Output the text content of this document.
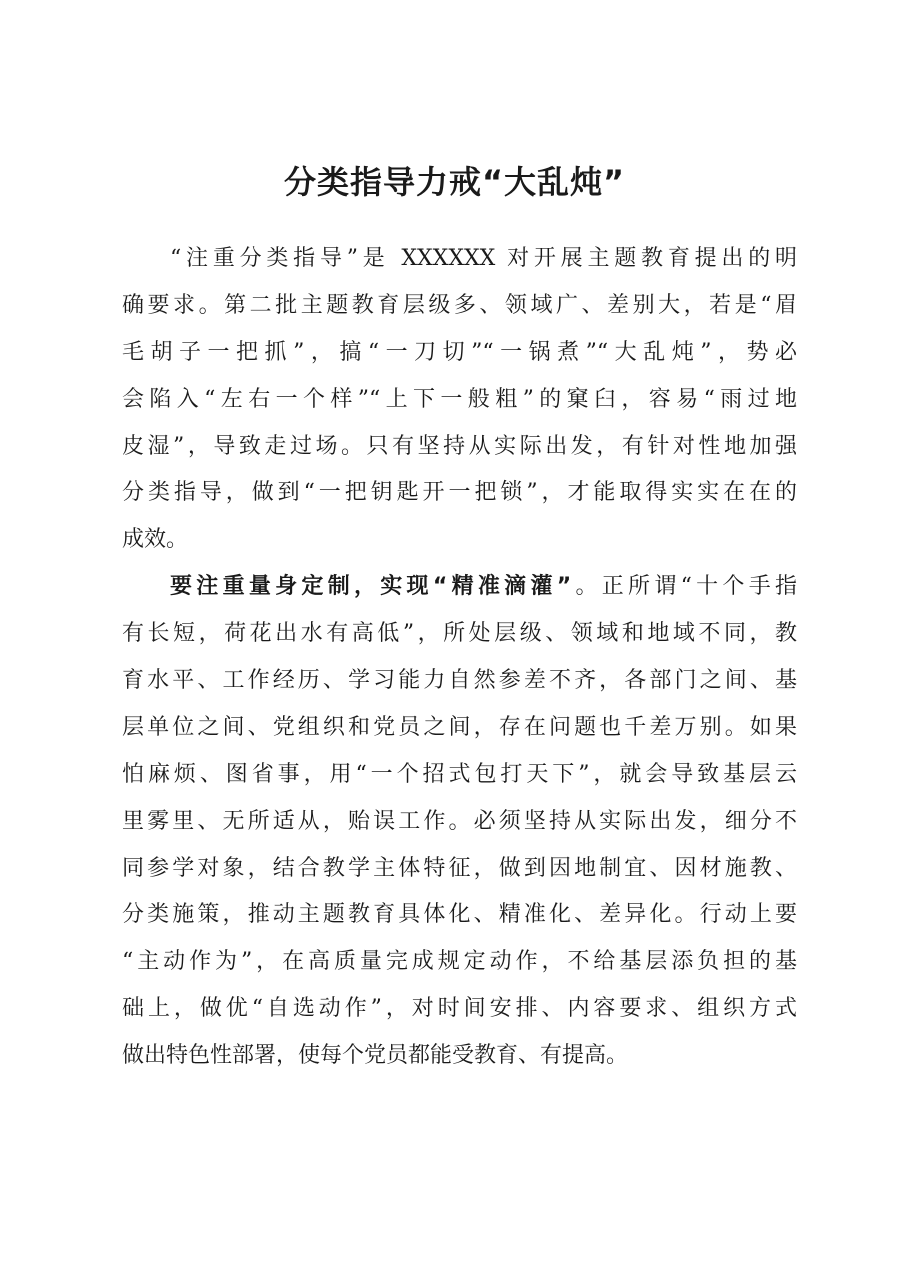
分类指导力戒“大乱炖”
“注重分类指导”是 XXXXXX 对开展主题教育提出的明
确要求。第二批主题教育层级多、领域广、差别大，若是“眉
毛胡子一把抓”，搞“一刀切”“一锅煮”“大乱炖”，势必
会陷入“左右一个样”“上下一般粗”的窠臼，容易“雨过地
皮湿”，导致走过场。只有坚持从实际出发，有针对性地加强
分类指导，做到“一把钥匙开一把锁”，才能取得实实在在的
成效。
要注重量身定制，实现“精准滴灌”。正所谓“十个手指
有长短，荷花出水有高低”，所处层级、领域和地域不同，教
育水平、工作经历、学习能力自然参差不齐，各部门之间、基
层单位之间、党组织和党员之间，存在问题也千差万别。如果
怕麻烦、图省事，用“一个招式包打天下”，就会导致基层云
里雾里、无所适从，贻误工作。必须坚持从实际出发，细分不
同参学对象，结合教学主体特征，做到因地制宜、因材施教、
分类施策，推动主题教育具体化、精准化、差异化。行动上要
“主动作为”，在高质量完成规定动作，不给基层添负担的基
础上，做优“自选动作”，对时间安排、内容要求、组织方式
做出特色性部署，使每个党员都能受教育、有提高。
